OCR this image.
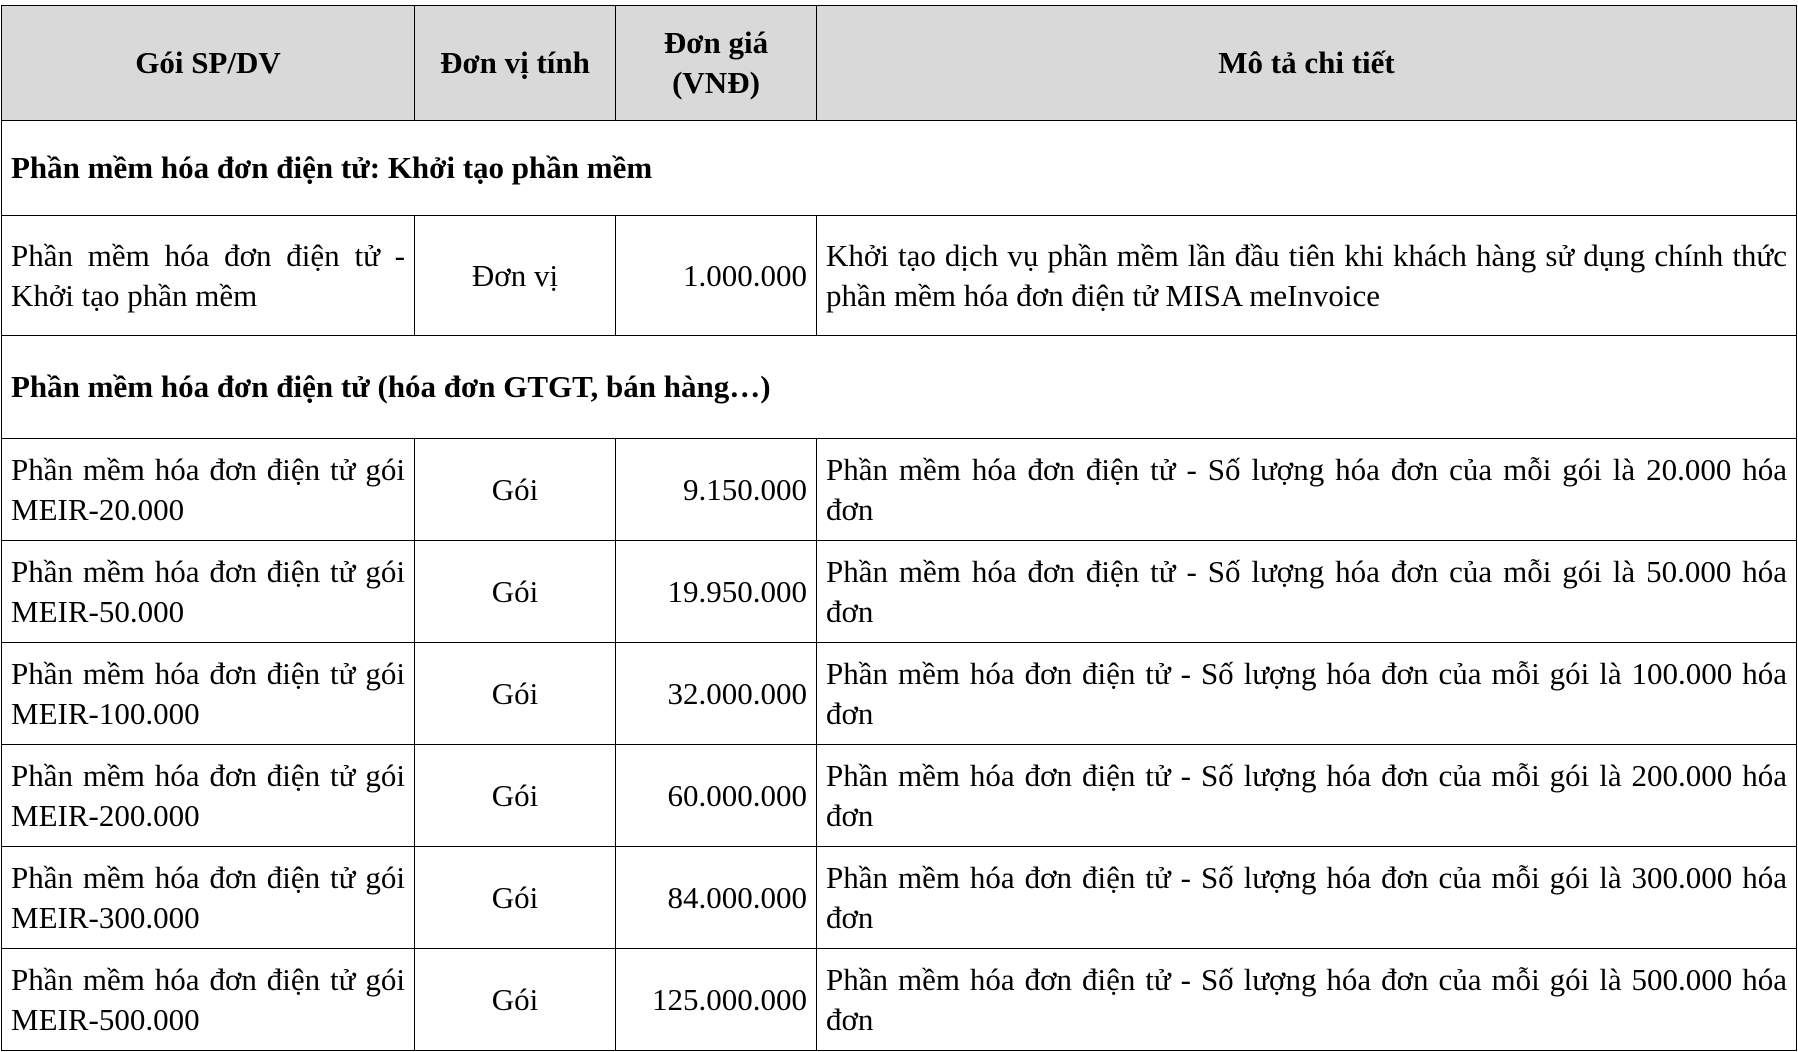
Gói SP/DV	Đơn vị tính	Đơn giá (VNĐ)	Mô tả chi tiết
Phần mềm hóa đơn điện tử: Khởi tạo phần mềm			
Phần mềm hóa đơn điện tử - Khởi tạo phần mềm	Đơn vị	1.000.000	Khởi tạo dịch vụ phần mềm lần đầu tiên khi khách hàng sử dụng chính thức phần mềm hóa đơn điện tử MISA meInvoice
Phần mềm hóa đơn điện tử (hóa đơn GTGT, bán hàng…)			
Phần mềm hóa đơn điện tử gói MEIR-20.000	Gói	9.150.000	Phần mềm hóa đơn điện tử - Số lượng hóa đơn của mỗi gói là 20.000 hóa đơn
Phần mềm hóa đơn điện tử gói MEIR-50.000	Gói	19.950.000	Phần mềm hóa đơn điện tử - Số lượng hóa đơn của mỗi gói là 50.000 hóa đơn
Phần mềm hóa đơn điện tử gói MEIR-100.000	Gói	32.000.000	Phần mềm hóa đơn điện tử - Số lượng hóa đơn của mỗi gói là 100.000 hóa đơn
Phần mềm hóa đơn điện tử gói MEIR-200.000	Gói	60.000.000	Phần mềm hóa đơn điện tử - Số lượng hóa đơn của mỗi gói là 200.000 hóa đơn
Phần mềm hóa đơn điện tử gói MEIR-300.000	Gói	84.000.000	Phần mềm hóa đơn điện tử - Số lượng hóa đơn của mỗi gói là 300.000 hóa đơn
Phần mềm hóa đơn điện tử gói MEIR-500.000	Gói	125.000.000	Phần mềm hóa đơn điện tử - Số lượng hóa đơn của mỗi gói là 500.000 hóa đơn
